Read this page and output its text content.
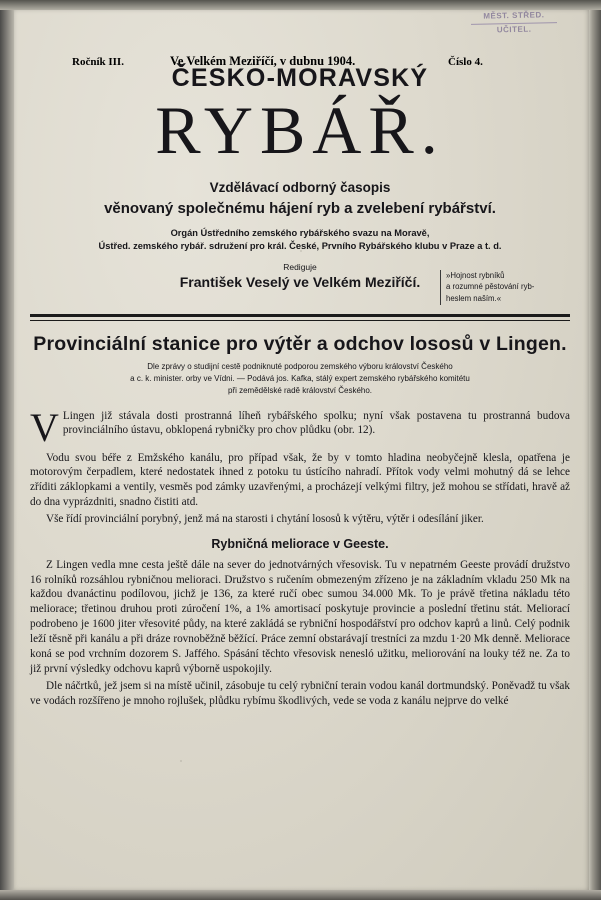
MĚST. STŘED.
UČITEL.
Ročník III.	Ve Velkém Meziříčí, v dubnu 1904.	Číslo 4.
ČESKO-MORAVSKÝ
RYBÁŘ.
Vzdělávací odborný časopis
věnovaný společnému hájení ryb a zvelebení rybářství.
Orgán Ústředního zemského rybářského svazu na Moravě,
Ústřed. zemského rybář. sdružení pro král. České, Prvního Rybářského klubu v Praze a t. d.
Rediguje
František Veselý ve Velkém Meziříčí.	»Hojnost rybníků
a rozumné pěstování ryb-
heslem naším.«
Provinciální stanice pro výtěr a odchov lososů v Lingen.
Dle zprávy o studijní cestě podniknuté podporou zemského výboru království Českého
a c. k. minister. orby ve Vídni. — Podává jos. Kafka, stálý expert zemského rybářského komitétu
při zemědělské radě království Českého.

V Lingen již stávala dosti prostranná líheň rybářského spolku; nyní však postavena tu prostranná budova provinciálního ústavu, obklopená rybničky pro chov plůdku (obr. 12).

Vodu svou béře z Emžského kanálu, pro případ však, že by v tomto hladina neobyčejně klesla, opatřena je motorovým čerpadlem, které nedostatek ihned z potoku tu ústícího nahradí. Přítok vody velmi mohutný dá se lehce zříditi záklopkami a ventily, vesměs pod zámky uzavřenými, a procházejí velkými filtry, jež mohou se střídati, hravě až do dna vyprázdniti, snadno čistiti atd.

Vše řídí provinciální porybný, jenž má na starosti i chytání lososů k výtěru, výtěr i odesílání jiker.

Rybničná meliorace v Geeste.

Z Lingen vedla mne cesta ještě dále na sever do jednotvárných vřesovisk. Tu v nepatrném Geeste provádí družstvo 16 rolníků rozsáhlou rybničnou melioraci. Družstvo s ručením obmezeným zřízeno je na základním vkladu 250 Mk na každou dvanáctinu podílovou, jichž je 136, za které ručí obec sumou 34.000 Mk. To je právě třetina nákladu této meliorace; třetinou druhou proti zúročení 1%, a 1% amortisací poskytuje provincie a poslední třetinu stát. Meliorací podrobeno je 1600 jiter vřesovité půdy, na které zakládá se rybniční hospodářství pro odchov kaprů a linů. Celý podnik leží těsně při kanálu a při dráze rovnoběžně běžící. Práce zemní obstarávají trestníci za mzdu 1·20 Mk denně. Meliorace koná se pod vrchním dozorem S. Jaffého. Spásání těchto vřesovisk nenesló užitku, meliorování na louky též ne. Za to již první výsledky odchovu kaprů výborně uspokojily.

Dle náčrtků, jež jsem si na místě učinil, zásobuje tu celý rybniční terain vodou kanál dortmundský. Poněvadž tu však ve vodách rozšířeno je mnoho rojlušek, plůdku rybímu škodlivých, vede se voda z kanálu nejprve do velké
